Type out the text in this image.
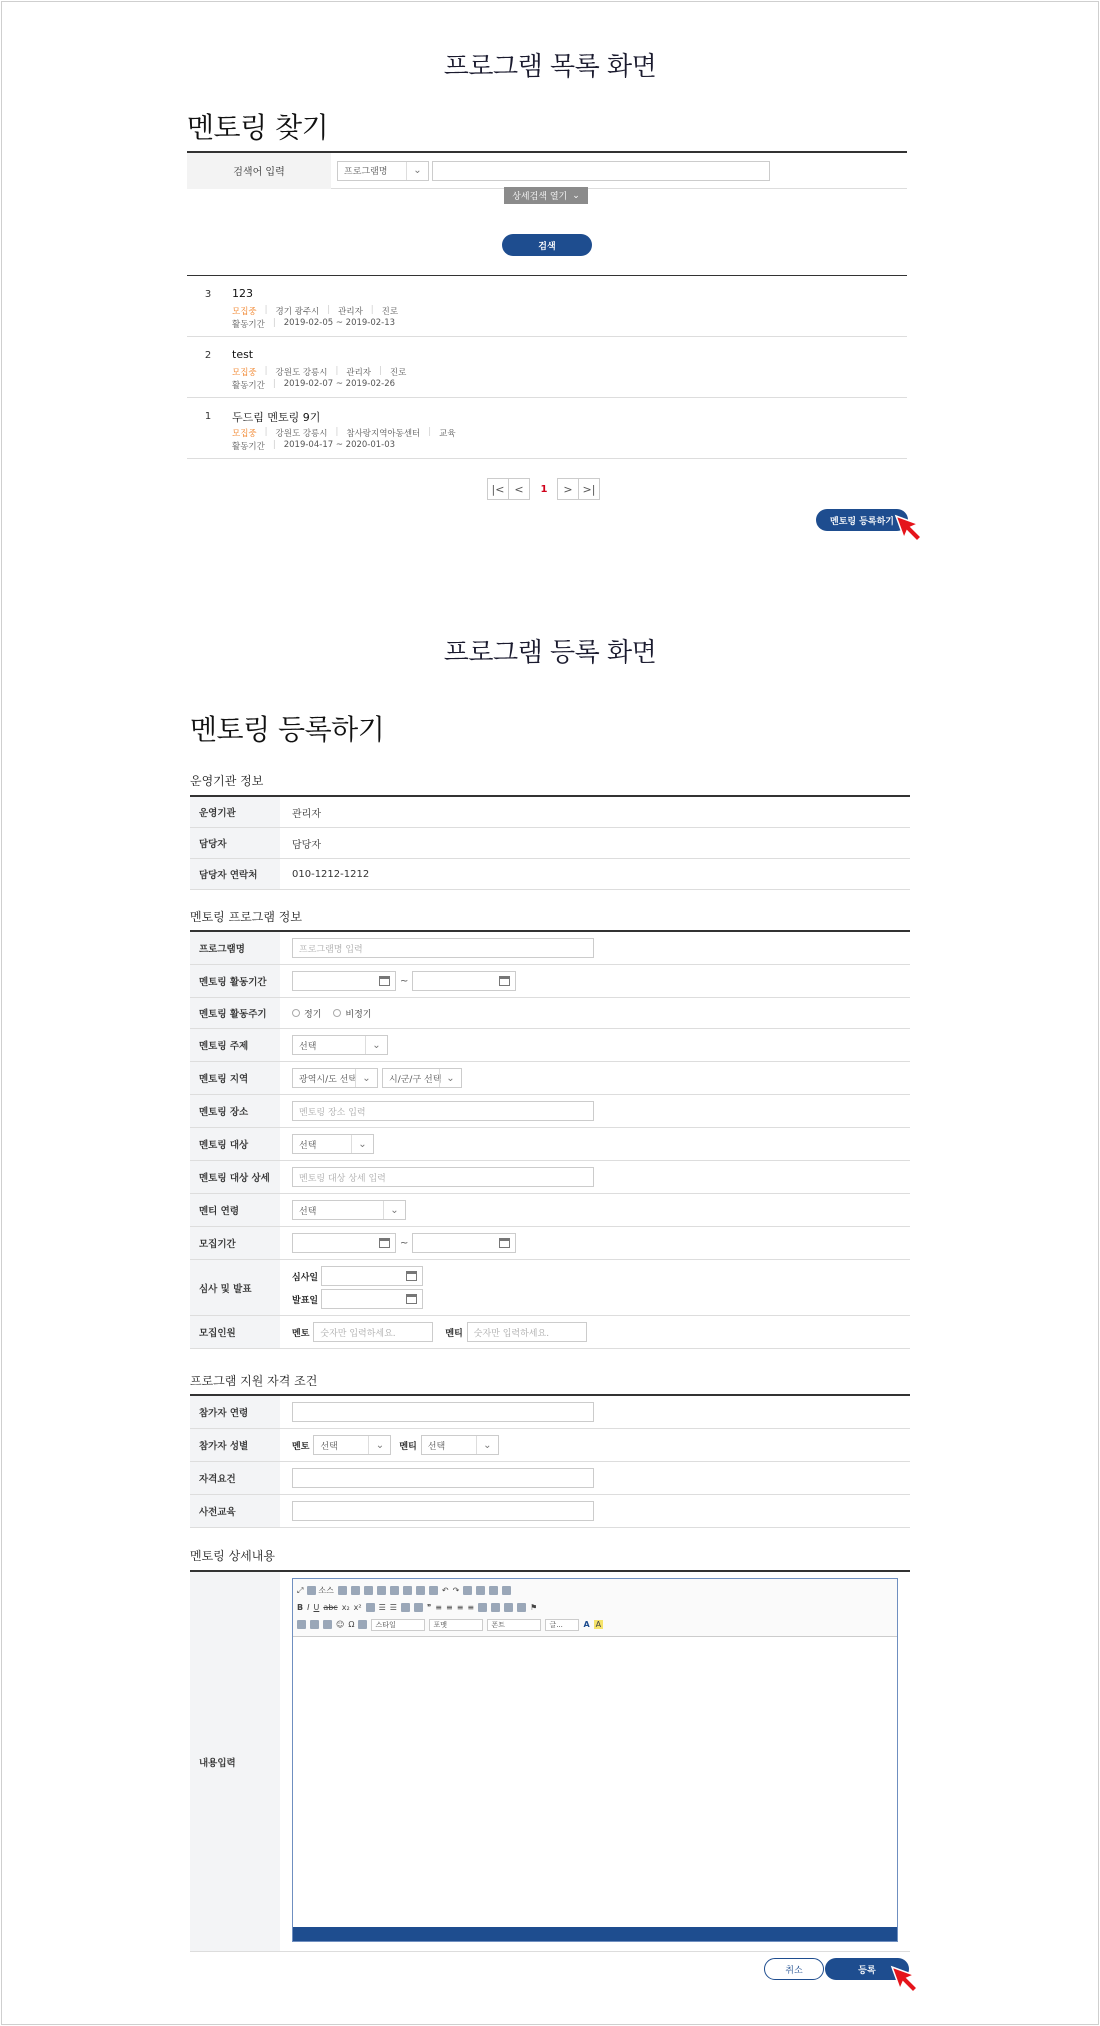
프로그램 목록 화면
멘토링 찾기
검색어 입력	프로그램명	⌄
상세검색 열기 ⌄
검색
3 123
모집중 | 경기 광주시 | 관리자 | 진로
활동기간 | 2019-02-05 ~ 2019-02-13
2 test
모집중 | 강원도 강릉시 | 관리자 | 진로
활동기간 | 2019-02-07 ~ 2019-02-26
1 두드림 멘토링 9기
모집중 | 강원도 강릉시 | 참사랑지역아동센터 | 교육
활동기간 | 2019-04-17 ~ 2020-01-03
|< <	1	> >|
멘토링 등록하기
프로그램 등록 화면
멘토링 등록하기
운영기관 정보
운영기관	관리자
담당자	담당자
담당자 연락처	010-1212-1212
멘토링 프로그램 정보
프로그램명	프로그램명 입력
멘토링 활동기간	~
멘토링 활동주기	정기	비정기
멘토링 주제	선택	⌄
멘토링 지역	광역시/도 선택 ⌄	시/군/구 선택 ⌄
멘토링 장소	멘토링 장소 입력
멘토링 대상	선택	⌄
멘토링 대상 상세	멘토링 대상 상세 입력
멘티 연령	선택	⌄
모집기간	~
심사 및 발표
심사일
발표일
모집인원	멘토	숫자만 입력하세요.	멘티	숫자만 입력하세요.
프로그램 지원 자격 조건
참가자 연령
참가자 성별	멘토 선택	⌄	멘티 선택	⌄
자격요건
사전교육
멘토링 상세내용
내용입력
⤢ 소스	↶ ↷
B I U abc x₂ x² ☰ ☰	❞ ≡ ≡ ≡ ≡	⚑
☺ Ω	스타일	포맷	폰트	글...	A A
취소	등록
